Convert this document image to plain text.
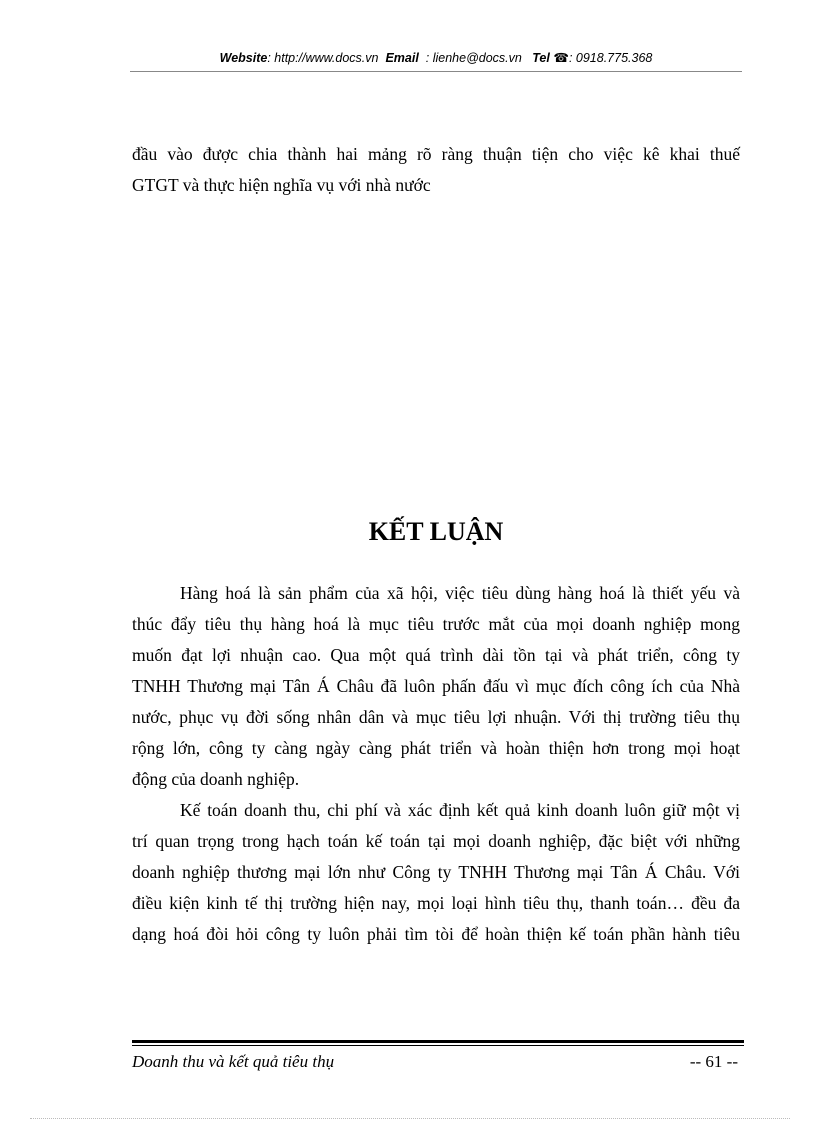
Website: http://www.docs.vn Email : lienhe@docs.vn Tel ☎: 0918.775.368
đầu vào được chia thành hai mảng rõ ràng thuận tiện cho việc kê khai thuế
GTGT và thực hiện nghĩa vụ với nhà nước
KẾT LUẬN
Hàng hoá là sản phẩm của xã hội, việc tiêu dùng hàng hoá là thiết yếu và
thúc đẩy tiêu thụ hàng hoá là mục tiêu trước mắt của mọi doanh nghiệp mong
muốn đạt lợi nhuận cao. Qua một quá trình dài tồn tại và phát triển, công ty
TNHH Thương mại Tân Á Châu đã luôn phấn đấu vì mục đích công ích của Nhà
nước, phục vụ đời sống nhân dân và mục tiêu lợi nhuận. Với thị trường tiêu thụ
rộng lớn, công ty càng ngày càng phát triển và hoàn thiện hơn trong mọi hoạt
động của doanh nghiệp.
Kế toán doanh thu, chi phí và xác định kết quả kinh doanh luôn giữ một vị
trí quan trọng trong hạch toán kế toán tại mọi doanh nghiệp, đặc biệt với những
doanh nghiệp thương mại lớn như Công ty TNHH Thương mại Tân Á Châu. Với
điều kiện kinh tế thị trường hiện nay, mọi loại hình tiêu thụ, thanh toán… đều đa
dạng hoá đòi hỏi công ty luôn phải tìm tòi để hoàn thiện kế toán phần hành tiêu
Doanh thu và kết quả tiêu thụ	-- 61 --
